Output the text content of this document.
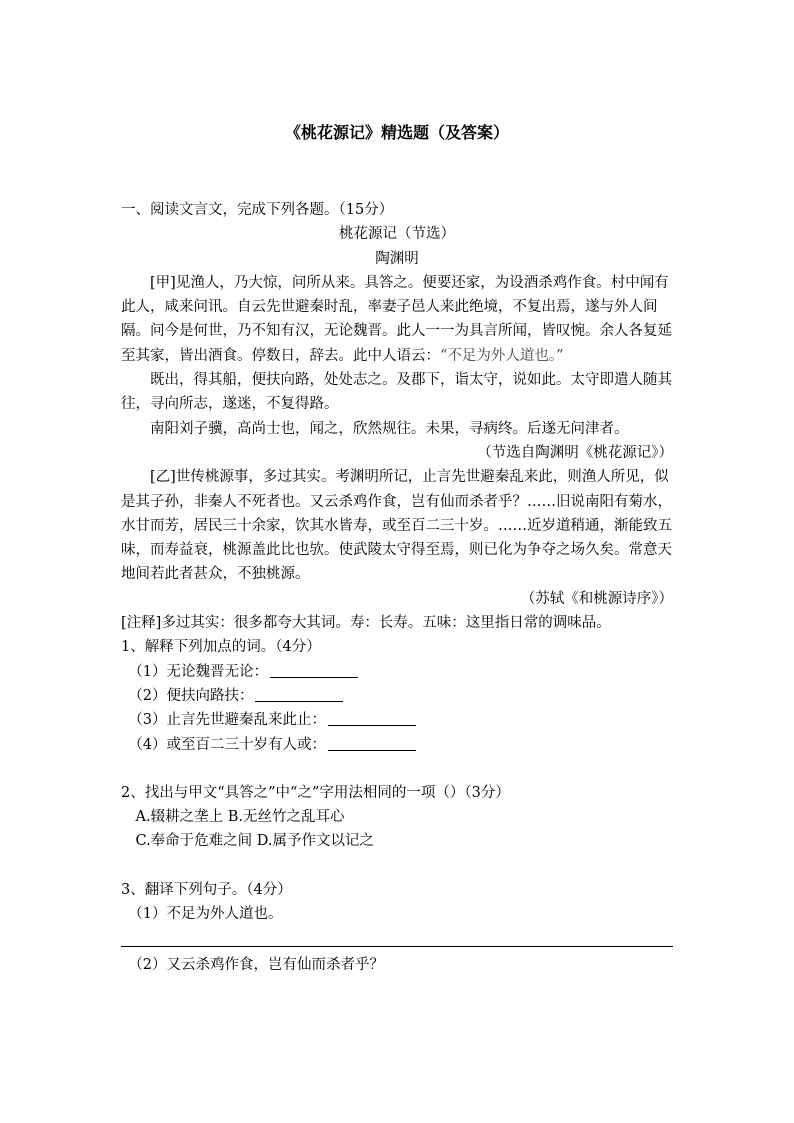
《桃花源记》精选题（及答案）

一、阅读文言文，完成下列各题。（15分）

桃花源记（节选）

陶渊明

[甲]见渔人，乃大惊，问所从来。具答之。便要还家，为设酒杀鸡作食。村中闻有此人，咸来问讯。自云先世避秦时乱，率妻子邑人来此绝境，不复出焉，遂与外人间隔。问今是何世，乃不知有汉，无论魏晋。此人一一为具言所闻，皆叹惋。余人各复延至其家，皆出酒食。停数日，辞去。此中人语云：“不足为外人道也。”

既出，得其船，便扶向路，处处志之。及郡下，诣太守，说如此。太守即遣人随其往，寻向所志，遂迷，不复得路。

南阳刘子骥，高尚士也，闻之，欣然规往。未果，寻病终。后遂无问津者。

（节选自陶渊明《桃花源记》）

[乙]世传桃源事，多过其实。考渊明所记，止言先世避秦乱来此，则渔人所见，似是其子孙，非秦人不死者也。又云杀鸡作食，岂有仙而杀者乎？……旧说南阳有菊水，水甘而芳，居民三十余家，饮其水皆寿，或至百二三十岁。……近岁道稍通，渐能致五味，而寿益衰，桃源盖此比也欤。使武陵太守得至焉，则已化为争夺之场久矣。常意天地间若此者甚众，不独桃源。

（苏轼《和桃源诗序》）

[注释]多过其实：很多都夸大其词。寿：长寿。五味：这里指日常的调味品。

1、解释下列加点的词。（4分）

（1）无论魏晋无论：

（2）便扶向路扶：

（3）止言先世避秦乱来此止：

（4）或至百二三十岁有人或：

2、找出与甲文“具答之”中“之”字用法相同的一项（）（3分）

A.辍耕之垄上 B.无丝竹之乱耳心

C.奉命于危难之间 D.属予作文以记之

3、翻译下列句子。（4分）

（1）不足为外人道也。

（2）又云杀鸡作食，岂有仙而杀者乎？
